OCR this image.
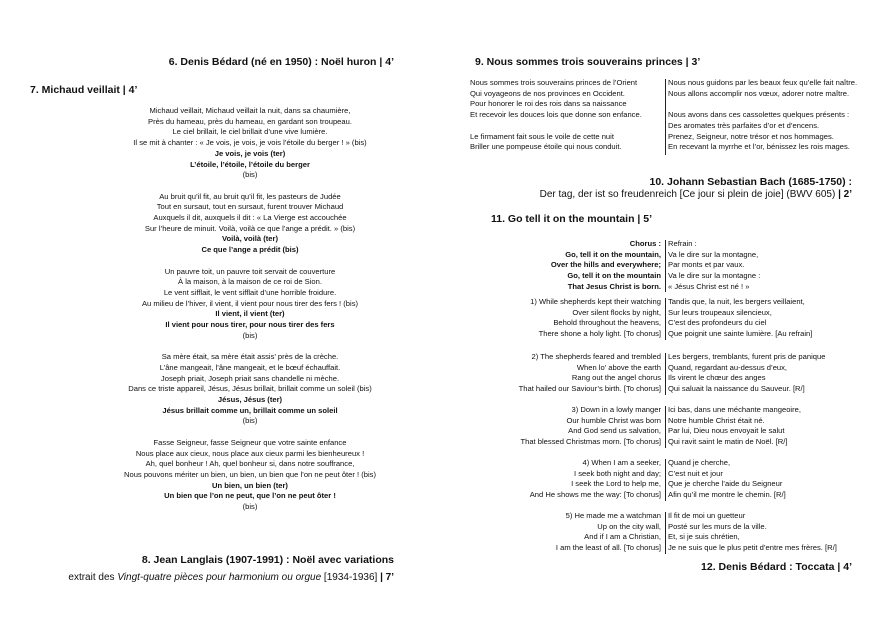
6. Denis Bédard (né en 1950) : Noël huron | 4’
7. Michaud veillait | 4’
Michaud veillait, Michaud veillait la nuit, dans sa chaumière,
Près du hameau, près du hameau, en gardant son troupeau.
Le ciel brillait, le ciel brillait d’une vive lumière.
Il se mit à chanter : « Je vois, je vois, je vois l’étoile du berger ! » (bis)
Je vois, je vois (ter)
L’étoile, l’étoile, l’étoile du berger
(bis)

Au bruit qu’il fit, au bruit qu’il fit, les pasteurs de Judée
Tout en sursaut, tout en sursaut, furent trouver Michaud
Auxquels il dit, auxquels il dit : « La Vierge est accouchée
Sur l’heure de minuit. Voilà, voilà ce que l’ange a prédit. » (bis)
Voilà, voilà (ter)
Ce que l’ange a prédit (bis)

Un pauvre toit, un pauvre toit servait de couverture
À la maison, à la maison de ce roi de Sion.
Le vent sifflait, le vent sifflait d’une horrible froidure.
Au milieu de l’hiver, il vient, il vient pour nous tirer des fers ! (bis)
Il vient, il vient (ter)
Il vient pour nous tirer, pour nous tirer des fers
(bis)

Sa mère était, sa mère était assis’ près de la crèche.
L’âne mangeait, l’âne mangeait, et le bœuf échauffait.
Joseph priait, Joseph priait sans chandelle ni mèche.
Dans ce triste appareil, Jésus, Jésus brillait, brillait comme un soleil (bis)
Jésus, Jésus (ter)
Jésus brillait comme un, brillait comme un soleil
(bis)

Fasse Seigneur, fasse Seigneur que votre sainte enfance
Nous place aux cieux, nous place aux cieux parmi les bienheureux !
Ah, quel bonheur ! Ah, quel bonheur si, dans notre souffrance,
Nous pouvons mériter un bien, un bien, un bien que l’on ne peut ôter ! (bis)
Un bien, un bien (ter)
Un bien que l’on ne peut, que l’on ne peut ôter !
(bis)
8. Jean Langlais (1907-1991) : Noël avec variations
extrait des Vingt-quatre pièces pour harmonium ou orgue [1934-1936] | 7’
9. Nous sommes trois souverains princes | 3’
Nous sommes trois souverains princes de l’Orient
Qui voyageons de nos provinces en Occident.
Pour honorer le roi des rois dans sa naissance
Et recevoir les douces lois que donne son enfance.

Le firmament fait sous le voile de cette nuit
Briller une pompeuse étoile qui nous conduit.
Nous nous guidons par les beaux feux qu’elle fait naître.
Nous allons accomplir nos vœux, adorer notre maître.

Nous avons dans ces cassolettes quelques présents :
Des aromates très parfaites d’or et d’encens.
Prenez, Seigneur, notre trésor et nos hommages.
En recevant la myrrhe et l’or, bénissez les rois mages.
10. Johann Sebastian Bach (1685-1750) :
Der tag, der ist so freudenreich [Ce jour si plein de joie] (BWV 605) | 2’
11. Go tell it on the mountain | 5’
Chorus :
Go, tell it on the mountain,
Over the hills and everywhere;
Go, tell it on the mountain
That Jesus Christ is born.
Refrain :
Va le dire sur la montagne,
Par monts et par vaux.
Va le dire sur la montagne :
« Jésus Christ est né ! »
1) While shepherds kept their watching
Over silent flocks by night,
Behold throughout the heavens,
There shone a holy light. [To chorus]
Tandis que, la nuit, les bergers veillaient,
Sur leurs troupeaux silencieux,
C’est des profondeurs du ciel
Que poignit une sainte lumière. [Au refrain]
2) The shepherds feared and trembled
When lo’ above the earth
Rang out the angel chorus
That hailed our Saviour’s birth. [To chorus]
Les bergers, tremblants, furent pris de panique
Quand, regardant au-dessus d’eux,
Ils virent le chœur des anges
Qui saluait la naissance du Sauveur. [R/]
3) Down in a lowly manger
Our humble Christ was born
And God send us salvation,
That blessed Christmas morn. [To chorus]
Ici bas, dans une méchante mangeoire,
Notre humble Christ était né.
Par lui, Dieu nous envoyait le salut
Qui ravit saint le matin de Noël. [R/]
4) When I am a seeker,
I seek both night and day;
I seek the Lord to help me,
And He shows me the way: [To chorus]
Quand je cherche,
C’est nuit et jour
Que je cherche l’aide du Seigneur
Afin qu’il me montre le chemin. [R/]
5) He made me a watchman
Up on the city wall,
And if I am a Christian,
I am the least of all. [To chorus]
Il fit de moi un guetteur
Posté sur les murs de la ville.
Et, si je suis chrétien,
Je ne suis que le plus petit d’entre mes frères. [R/]
12. Denis Bédard : Toccata | 4’
